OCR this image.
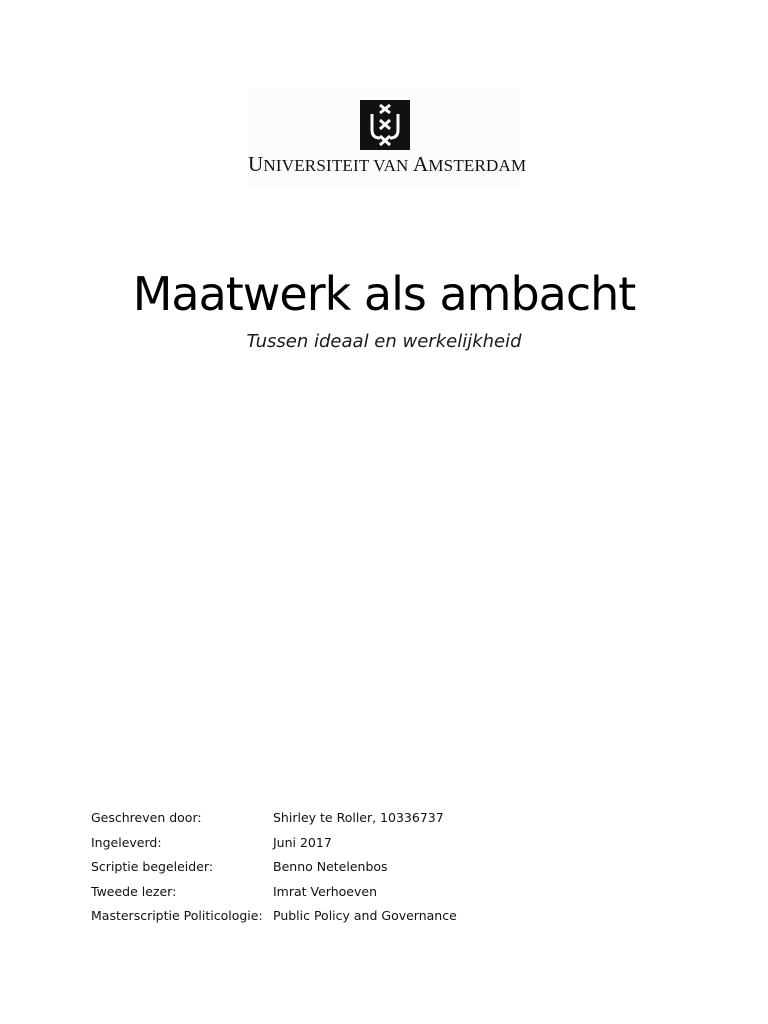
UNIVERSITEIT VAN AMSTERDAM
Maatwerk als ambacht
Tussen ideaal en werkelijkheid
Geschreven door:	Shirley te Roller, 10336737
Ingeleverd:	Juni 2017
Scriptie begeleider:	Benno Netelenbos
Tweede lezer:	Imrat Verhoeven
Masterscriptie Politicologie: Public Policy and Governance
